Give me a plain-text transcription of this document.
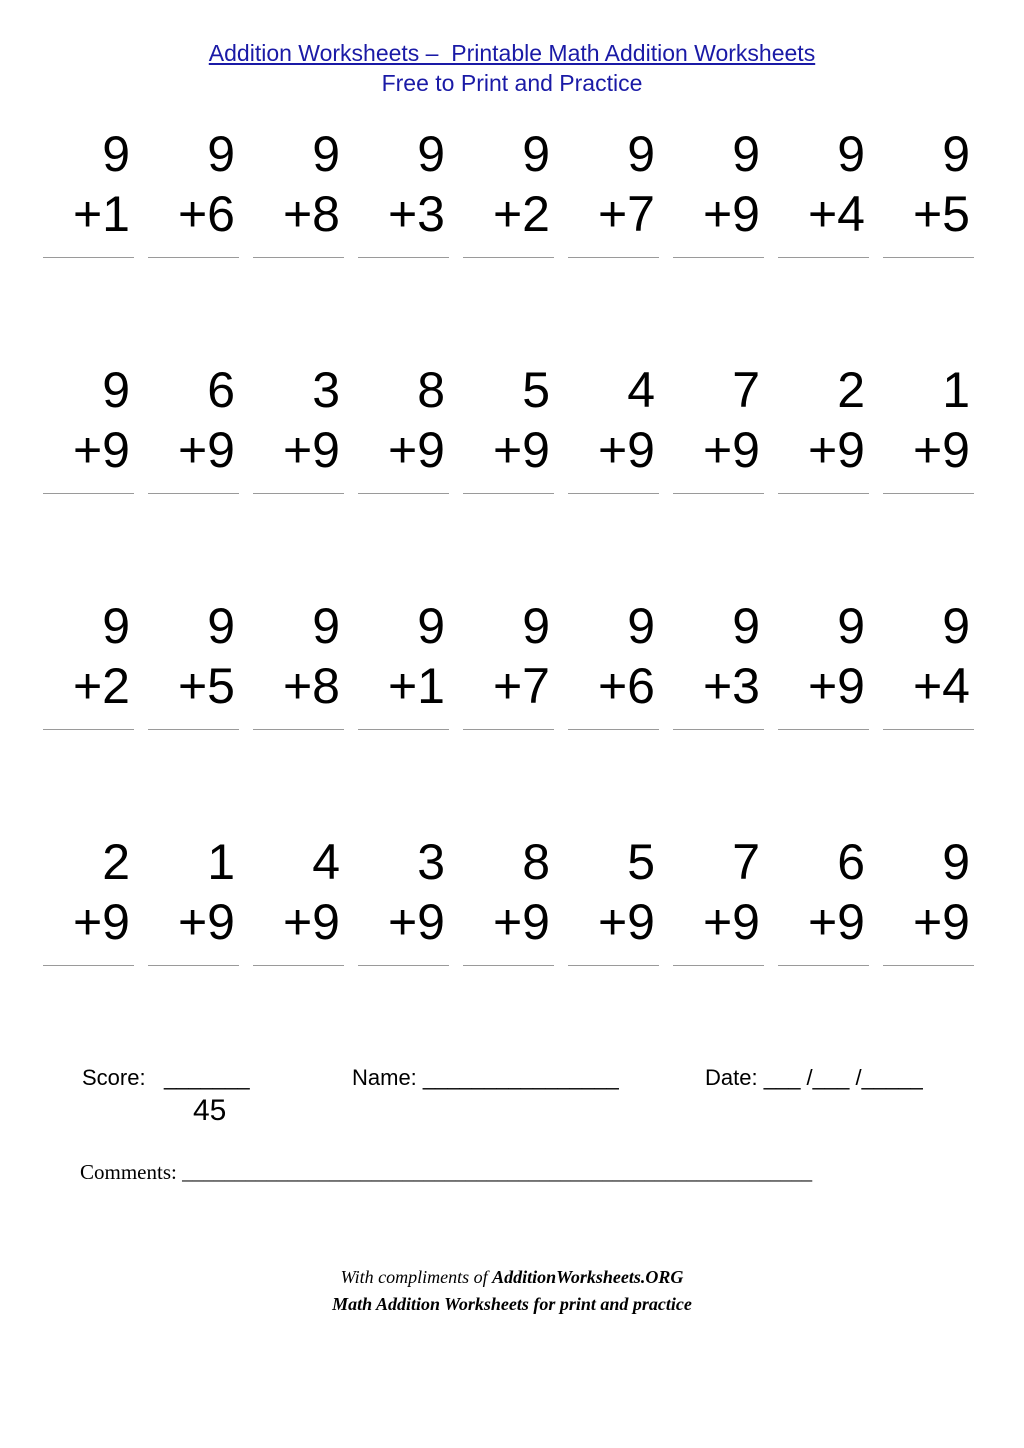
Addition Worksheets –  Printable Math Addition Worksheets
Free to Print and Practice
9
+1
9
+6
9
+8
9
+3
9
+2
9
+7
9
+9
9
+4
9
+5
9
+9
6
+9
3
+9
8
+9
5
+9
4
+9
7
+9
2
+9
1
+9
9
+2
9
+5
9
+8
9
+1
9
+7
9
+6
9
+3
9
+9
9
+4
2
+9
1
+9
4
+9
3
+9
8
+9
5
+9
7
+9
6
+9
9
+9
Score: _______
45
Name: ________________	Date: ___ /___ /_____
Comments: ____________________________________________________________
With compliments of AdditionWorksheets.ORG
Math Addition Worksheets for print and practice
